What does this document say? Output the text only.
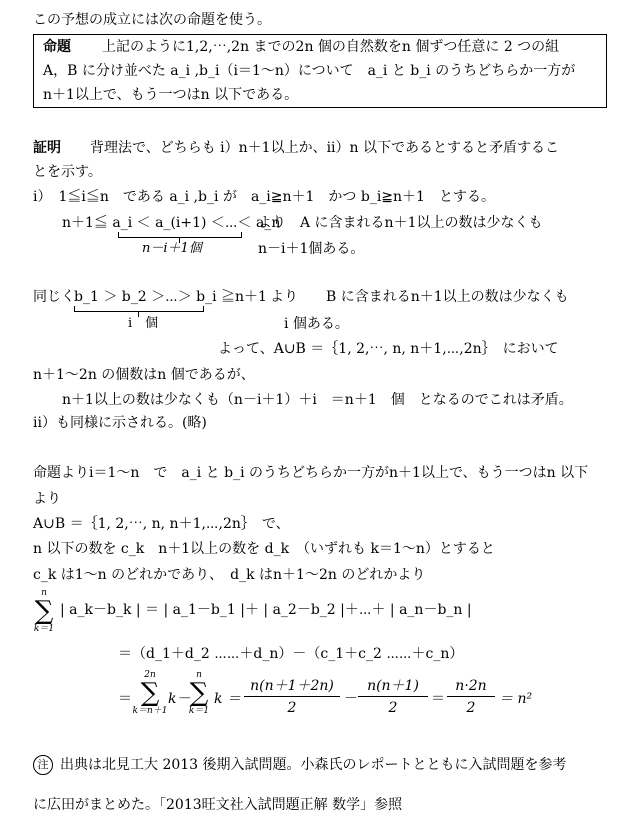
この予想の成立には次の命題を使う。
命題 上記のように1,2,⋯,2n までの2n 個の自然数をn 個ずつ任意に 2 つの組
A，B に分け並べた a_i ,b_i（i＝1～n）について　a_i と b_i のうちどちらか一方が
n＋1以上で、もう一つはn 以下である。
証明 背理法で、どちらも i）n＋1以上か、ii）n 以下であるとすると矛盾するこ
とを示す。
i）　1≦i≦n　である a_i ,b_i が　a_i≧n＋1　かつ b_i≧n＋1　とする。
n＋1≦ a_i ＜ a_(i+1) ＜⋯＜ a_n
より　A に含まれるn＋1以上の数は少なくも
n－i＋1個	n－i＋1個ある。
同じく b_1 ＞ b_2 ＞⋯＞ b_i ≧n＋1 より　　B に含まれるn＋1以上の数は少なくも
i　個	i 個ある。
よって、A∪B ＝｛1, 2,⋯, n, n＋1,⋯,2n｝　において
n＋1～2n の個数はn 個であるが、
n＋1以上の数は少なくも（n－i＋1）＋i　＝n＋1　個　となるのでこれは矛盾。
ii）も同様に示される。(略)
命題よりi＝1～n　で　a_i と b_i のうちどちらか一方がn＋1以上で、もう一つはn 以下
より
A∪B ＝｛1, 2,⋯, n, n＋1,⋯,2n｝　で、
n 以下の数を c_k　n＋1以上の数を d_k　（いずれも k＝1～n）とすると
c_k は1～n のどれかであり、　d_k はn＋1～2n のどれかより
n
∑
k＝1
| a_k－b_k | ＝ | a_1－b_1 |＋ | a_2－b_2 |＋⋯＋ | a_n－b_n |
＝（d_1＋d_2 ⋯⋯＋d_n）－（c_1＋c_2 ⋯⋯＋c_n）
＝
2n
∑
k＝n＋1
k－
n
∑
k＝1
$k = \frac{n(n+1+2n)}{2} - \frac{n(n+1)}{2} = \frac{n\cdot 2n}{2} = n^2$
注 出典は北見工大 2013 後期入試問題。小森氏のレポートとともに入試問題を参考
に広田がまとめた。「2013旺文社入試問題正解 数学」参照
